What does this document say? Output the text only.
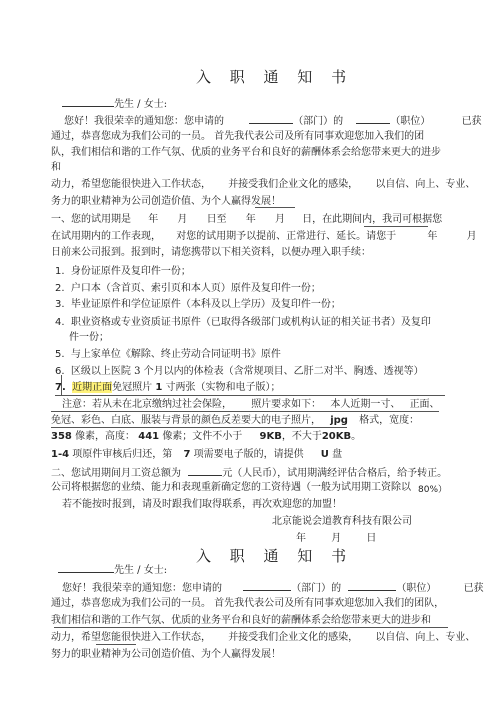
入 职 通 知 书
先生 / 女士:
您好！我很荣幸的通知您：您申请的	（部门）的	（职位）	已获
通过，恭喜您成为我们公司的一员。 首先我代表公司及所有同事欢迎您加入我们的团
队，我们相信和谐的工作气氛、优质的业务平台和良好的薪酬体系会给您带来更大的进步
和
动力，希望您能很快进入工作状态， 并接受我们企业文化的感染， 以自信、向上、专业、
务力的职业精神为公司创造价值、为个人赢得发展！
一、您的试用期是 年 月 日至 年 月 日，在此期间内，我司可根据您
在试用期内的工作表现， 对您的试用期予以提前、正常进行、延长。请您于	年	月
日前来公司报到。报到时，请您携带以下相关资料，以便办理入职手续：
1. 身份证原件及复印件一份；
2. 户口本（含首页、索引页和本人页）原件及复印件一份；
3. 毕业证原件和学位证原件（本科及以上学历）及复印件一份；
4. 职业资格或专业资质证书原件（已取得各级部门或机构认证的相关证书者）及复印
件一份；
5. 与上家单位《解除、终止劳动合同证明书》原件
6. 区级以上医院 3 个月以内的体检表（含常规项目、乙肝二对半、胸透、透视等）
7. 近期正面免冠照片 1 寸两张（实物和电子版）；
注意：若从未在北京缴纳过社会保险， 照片要求如下： 本人近期一寸、 正面、
免冠、彩色、白底、服装与背景的颜色反差要大的电子照片， jpg 格式，宽度：
358 像素，高度： 441 像素；文件不小于 9KB，不大于20KB。
1-4 项原件审核后归还，第 7 项需要电子版的，请提供 U 盘
二、您试用期间月工资总额为	元（人民币），试用期满经评估合格后，给予转正。
公司将根据您的业绩、能力和表现重新确定您的工资待遇（一般为试用期工资除以 80%）
若不能按时报到，请及时跟我们取得联系，再次欢迎您的加盟！
北京能说会道教育科技有限公司
年	月	日
入 职 通 知 书
先生 / 女士:
您好！我很荣幸的通知您：您申请的	（部门）的	（职位）	已获
通过，恭喜您成为我们公司的一员。 首先我代表公司及所有同事欢迎您加入我们的团队，
我们相信和谐的工作气氛、优质的业务平台和良好的薪酬体系会给您带来更大的进步和
动力，希望您能很快进入工作状态， 并接受我们企业文化的感染， 以自信、向上、专业、
努力的职业精神为公司创造价值、为个人赢得发展！
